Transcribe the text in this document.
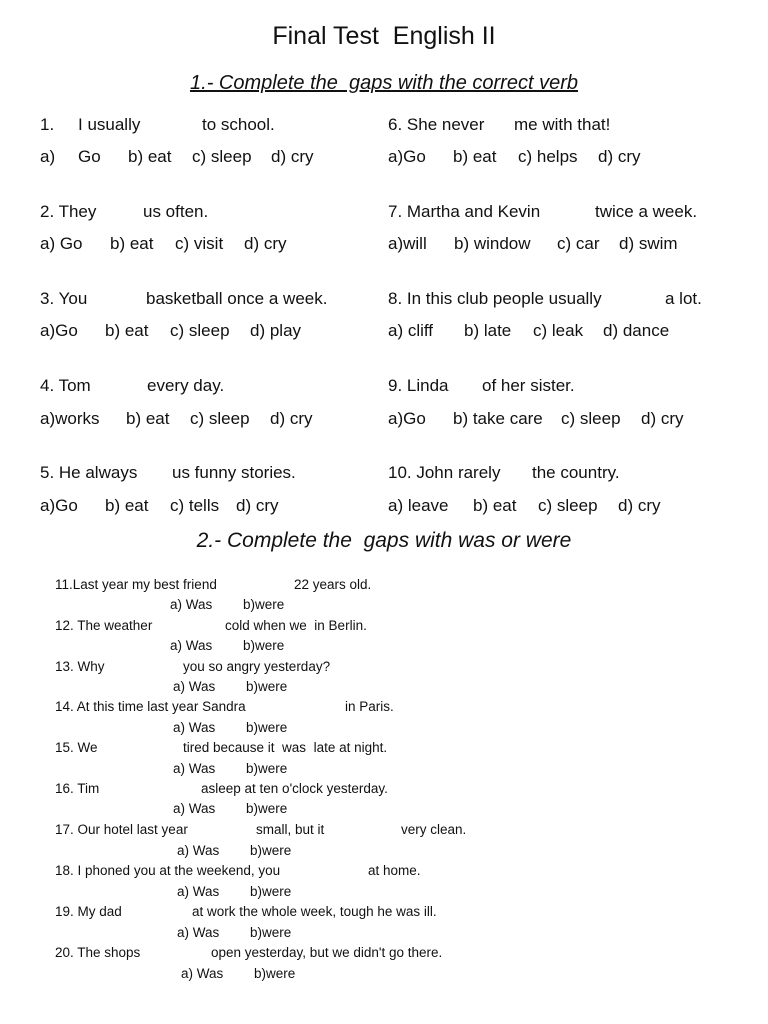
Final Test  English II
1.- Complete the  gaps with the correct verb
1. I usually	to school.
a) Go b) eat c) sleep d) cry
2. They	us often.
a) Go b) eat c) visit d) cry
3. You	basketball once a week.
a)Go b) eat c) sleep d) play
4. Tom	every day.
a)works b) eat c) sleep d) cry
5. He always us funny stories.
a)Go b) eat c) tells d) cry
6. She never me with that!
a)Go b) eat c) helps d) cry
7. Martha and Kevin	twice a week.
a)will b) window c) car d) swim
8. In this club people usually	a lot.
a) cliff b) late c) leak d) dance
9. Linda of her sister.
a)Go b) take care c) sleep d) cry
10. John rarely the country.
a) leave b) eat c) sleep d) cry
2.- Complete the  gaps with was or were
11.Last year my best friend	22 years old.
a) Was b)were
12. The weather	cold when we  in Berlin.
a) Was b)were
13. Why	you so angry yesterday?
a) Was b)were
14. At this time last year Sandra	in Paris.
a) Was b)were
15. We	tired because it  was  late at night.
a) Was b)were
16. Tim	asleep at ten o'clock yesterday.
a) Was b)were
17. Our hotel last year	small, but it	very clean.
a) Was b)were
18. I phoned you at the weekend, you	at home.
a) Was b)were
19. My dad	at work the whole week, tough he was ill.
a) Was b)were
20. The shops	open yesterday, but we didn't go there.
a) Was b)were
